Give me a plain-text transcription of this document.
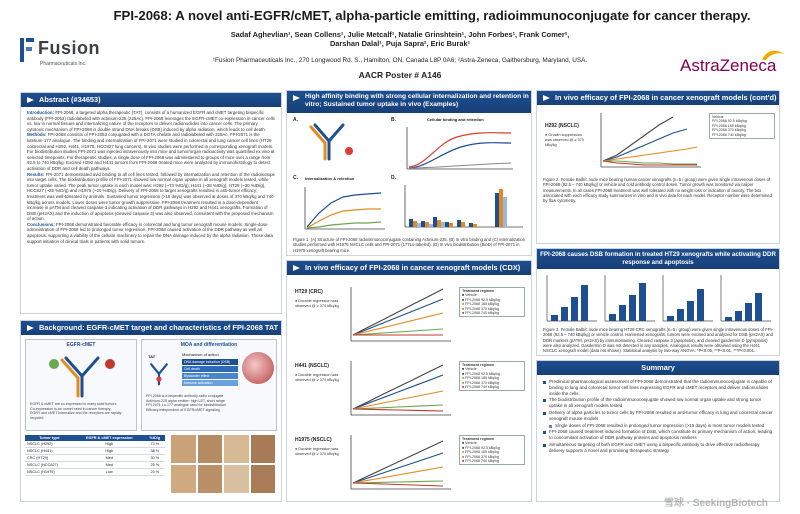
Fusion
Pharmaceuticals Inc.
FPI-2068: A novel anti-EGFR/cMET, alpha-particle emitting, radioimmunoconjugate for cancer therapy.
Sadaf Aghevlian¹, Sean Collens¹, Julie Metcalf¹, Natalie Grinshtein¹, John Forbes¹, Frank Comer²,
Darshan Dalal¹, Puja Sapra², Eric Burak¹
¹Fusion Pharmaceuticals Inc., 270 Longwood Rd. S., Hamilton, ON, Canada L8P 0A6; ²Astra-Zeneca, Gaithersburg, Maryland, USA.
AACR Poster # A146	AstraZeneca
Abstract (#34653)

Introduction: FPI-2068, a targeted alpha therapeutic (TAT), consists of a humanized EGFR and cMET targeting bispecific antibody (FPI-2053) radiolabeled with actinium-225 (225Ac). FPI-2068 leverages the EGFR-cMET co-expression in cancer cells vs. low in normal tissues and internalizing nature of the receptors to deliver radionuclides into cancer cells. The primary cytotoxic mechanism of FPI-2068 is double strand DNA breaks (DSB) induced by alpha radiation, which leads to cell death.

Methods: FPI-2068 consists of FPI-2053 conjugated with a DOTA-chelate and radiolabeled with 225Ac. FPI-2071 is the lutetium-177 analogue. The binding and internalization of FPI-2071 were studied in colorectal and lung cancer cell lines (HT29 colorectal and H292, H441, H1975, HCC827 lung cancers). In vivo studies were performed in corresponding xenograft models. For biodistribution studies FPI-2071 was injected intravenously into mice and tumor/organ radioactivity was quantified ex vivo at selected timepoints. For therapeutic studies, a single dose of FPI-2068 was administered to groups of mice over a range from 92.5 to 740 kBq/kg. Excised H292 and H441 tumors from FPI-2068 treated mice were analyzed by immunohistology to detect activation of DDR and cell death pathways.

Results: FPI-2071 demonstrated avid binding to all cell lines tested, followed by internalization and retention of the radioisotope into target cells. The biodistribution profile of FPI-2071 showed low normal organ uptake in all xenograft models tested, while tumor uptake varied. The peak tumor uptake in each model was: H292 (~73 %ID/g), H441 (~38 %ID/g), HT29 (~30 %ID/g), HCC827 (~25 %ID/g) and H1975 (~20 %ID/g). Delivery of FPI-2068 to target xenografts resulted in anti-tumor efficacy; treatment was well-tolerated by animals. Sustained tumor regression (>15 days) was observed at doses of 370 kBq/kg and 740 kBq/kg across models. Lower doses were tumor growth suppressive. FPI-2068 treatment resulted in a dose-dependent increase in pATM and cleaved caspase-3 indicating activation of DDR pathways in H292 and H441 xenografts. Formation of DSB (pH2AX) and the induction of apoptosis (cleaved caspase 3) was also observed, consistent with the proposed mechanism of action.

Conclusions: FPI-2068 demonstrated favorable efficacy in colorectal and lung tumor xenograft mouse models. Single-dose administration of FPI-2068 led to prolonged tumor regression. FPI-2068 caused activation of the DDR pathway as well as apoptosis, supporting a viability of the cellular machinery to repair the DNA damage induced by the alpha radiation. These data support initiation of clinical trials in patients with solid tumors.

Background: EGFR-cMET target and characteristics of FPI-2068 TAT
EGFR-cMET
EGFR & cMET are co-expressed in many solid tumors
Co-expression is an unmet need in cancer therapy
EGFR and cMET internalize and the receptors are rapidly recycled
MOA and differentiation
TAT	Mechanism of action
DNA damage induction (DSB)
Cell death
Bystander effect
Immune activation
FPI-2068 is a bispecific antibody-radio conjugate
Actinium-225 alpha emitter: high LET, short range
FPI-2071 Lu-177 analogue used for biodistribution
Efficacy independent of EGFR/cMET signaling
Tumor type	EGFR & cMET expression	%ID/g
NSCLC (H292)	High	73 %
NSCLC (H441)	High	38 %
CRC (HT29)	Med	30 %
NSCLC (HCC827)	Med	25 %
NSCLC (H1975)	Low	20 %
High affinity binding with strong cellular internalization and retention in vitro; Sustained tumor uptake in vivo (Examples)
A.	B.	Cellular binding and retention
C. Internalization & retention	D.
Figure 1. (A) Structure of FPI-2068 radioimmunoconjugate containing Actinium-225. (B) In vitro binding and (C) internalization studies performed with H1975 NSCLC cells and FPI-2071 (177Lu-labeled). (D) In vivo biodistribution (BioD) of FPI-2071 in H1975 xenograft bearing mice.
In vivo efficacy of FPI-2068 in cancer xenograft models (CDX)
HT29 (CRC)
● Durable regression was observed @ ≥ 370 kBq/kg
Treatment regimen
■ Vehicle
■ FPI-2068 92.5 kBq/kg
■ FPI-2068 185 kBq/kg
■ FPI-2068 370 kBq/kg
■ FPI-2068 740 kBq/kg
H441 (NSCLC)
● Durable regression was observed @ ≥ 370 kBq/kg
Treatment regimen
■ Vehicle
■ FPI-2068 92.5 kBq/kg
■ FPI-2068 185 kBq/kg
■ FPI-2068 370 kBq/kg
■ FPI-2068 740 kBq/kg
H1975 (NSCLC)
● Durable regression was observed @ ≥ 370 kBq/kg
Treatment regimen
■ Vehicle
■ FPI-2068 92.5 kBq/kg
■ FPI-2068 185 kBq/kg
■ FPI-2068 370 kBq/kg
■ FPI-2068 740 kBq/kg
In vivo efficacy of FPI-2068 in cancer xenograft models (cont'd)
H292 (NSCLC)
● Growth suppression was observed @ ≥ 370 kBq/kg
Vehicle
FPI-2068 92.5 kBq/kg
FPI-2068 185 kBq/kg
FPI-2068 370 kBq/kg
FPI-2068 740 kBq/kg
Figure 2. Female Balb/c nude mice bearing human cancer xenografts (n=5 / group) were given single intravenous doses of FPI-2068 (92.5 – 740 kBq/kg) or vehicle and cold antibody control doses. Tumor growth was monitored via caliper measurements. In all cases FPI-2068 treatment was well tolerated with no weight loss or indication of toxicity. The box associated with each efficacy study summarizes in vitro and in vivo data for each model. Receptor number were determined by flow cytometry.
FPI-2068 causes DSB formation in treated HT29 xenografts while activating DDR response and apoptosis
Figure 3. Female Balb/c nude mice bearing HT29 CRC xenografts (n=5 / group) were given single intravenous doses of FPI-2068 (92.5 – 740 kBq/kg) or vehicle control. Harvested xenografts, tumors were excised and analyzed for DSB (pH2AX) and DDR markers (pATM, pH2AX) by immunostaining. Cleaved caspase 3 (apoptosis), and cleaved gasdermin D (pyroptosis) were also analyzed. Gasdermin D was not detected in any samples. Analogous results were obtained using the H441 NSCLC xenograft model (data not shown). Statistical analysis by two-way ANOVA: *P<0.05, **P<0.01, ***P<0.001.
Summary
Preclinical pharmacological assessment of FPI-2068 demonstrated that the radioimmunoconjugate is capable of binding to lung and colorectal tumor cell lines expressing EGFR and cMET receptors and deliver radionuclides inside the cells
The biodistribution profile of the radioimmunoconjugate showed low normal organ uptake and strong tumor uptake in all xenograft models tested
Delivery of alpha particles to tumor cells by FPI-2068 resulted in anti-tumor efficacy in lung and colorectal cancer xenograft mouse models
Single doses of FPI-2068 resulted in prolonged tumor regression (>15 days) in most tumor models tested
FPI-2068 caused treatment induced formation of DSB, which constitute its primary mechanism of action, leading to concomitant activation of DDR pathway proteins and apoptosis markers
Simultaneous targeting of both EGFR and cMET using a bispecific antibody to drive effective radiotherapy delivery supports a novel and promising therapeutic strategy
雪球 · SeekingBiotech
